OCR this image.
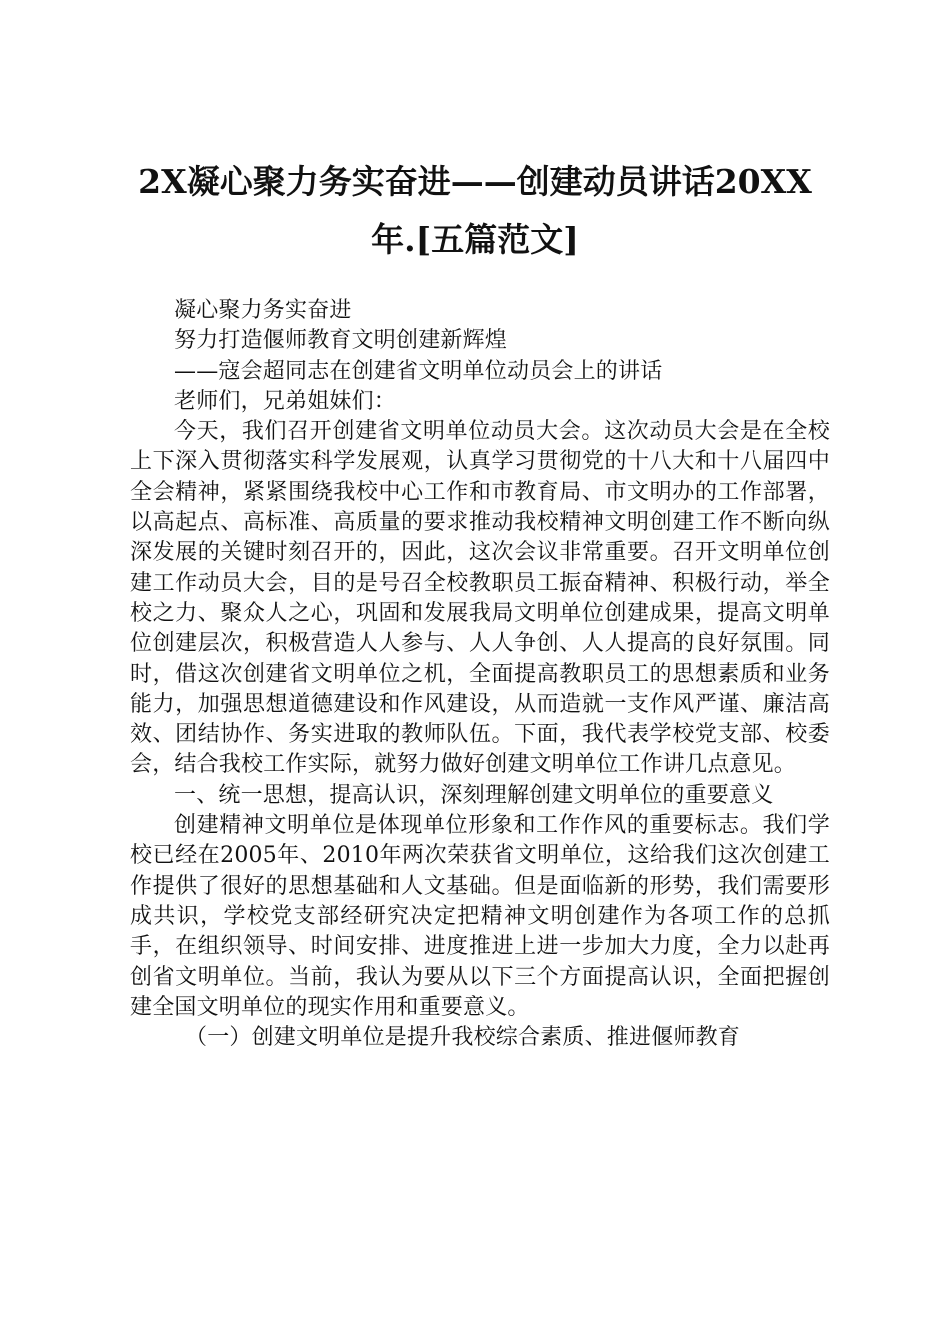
2X凝心聚力务实奋进——创建动员讲话20XX
年.[五篇范文]

凝心聚力务实奋进

努力打造偃师教育文明创建新辉煌

——寇会超同志在创建省文明单位动员会上的讲话

老师们，兄弟姐妹们：

今天，我们召开创建省文明单位动员大会。这次动员大会是在全校上下深入贯彻落实科学发展观，认真学习贯彻党的十八大和十八届四中全会精神，紧紧围绕我校中心工作和市教育局、市文明办的工作部署，以高起点、高标准、高质量的要求推动我校精神文明创建工作不断向纵深发展的关键时刻召开的，因此，这次会议非常重要。召开文明单位创建工作动员大会，目的是号召全校教职员工振奋精神、积极行动，举全校之力、聚众人之心，巩固和发展我局文明单位创建成果，提高文明单位创建层次，积极营造人人参与、人人争创、人人提高的良好氛围。同时，借这次创建省文明单位之机，全面提高教职员工的思想素质和业务能力，加强思想道德建设和作风建设，从而造就一支作风严谨、廉洁高效、团结协作、务实进取的教师队伍。下面，我代表学校党支部、校委会，结合我校工作实际，就努力做好创建文明单位工作讲几点意见。

一、统一思想，提高认识，深刻理解创建文明单位的重要意义

创建精神文明单位是体现单位形象和工作作风的重要标志。我们学校已经在2005年、2010年两次荣获省文明单位，这给我们这次创建工作提供了很好的思想基础和人文基础。但是面临新的形势，我们需要形成共识，学校党支部经研究决定把精神文明创建作为各项工作的总抓手，在组织领导、时间安排、进度推进上进一步加大力度，全力以赴再创省文明单位。当前，我认为要从以下三个方面提高认识，全面把握创建全国文明单位的现实作用和重要意义。

（一）创建文明单位是提升我校综合素质、推进偃师教育
